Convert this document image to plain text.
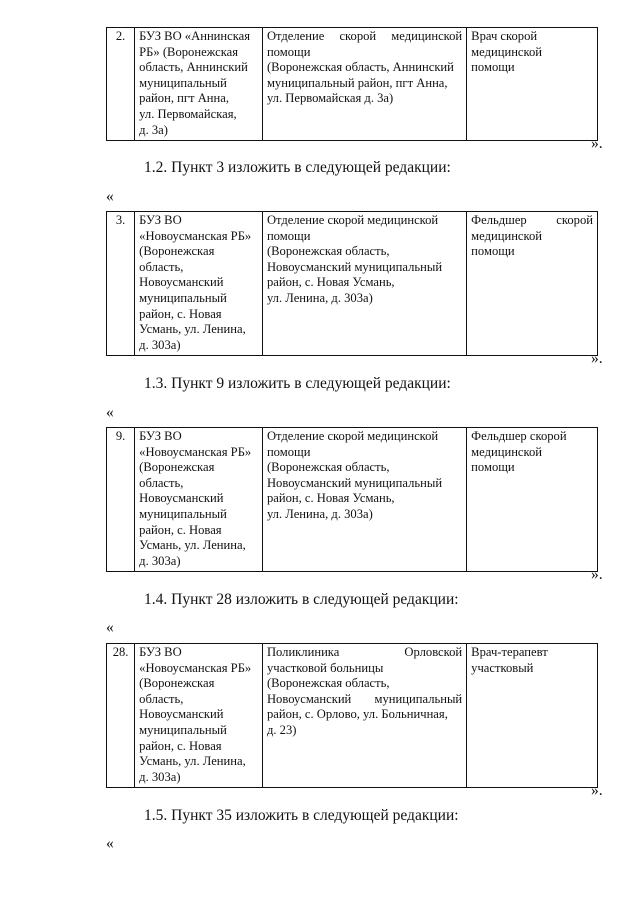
2.	БУЗ ВО «Аннинская
РБ» (Воронежская
область, Аннинский
муниципальный
район, пгт Анна,
ул. Первомайская,
д. 3а)

Отделение скорой медицинской
помощи
(Воронежская область, Аннинский
муниципальный район, пгт Анна,
ул. Первомайская д. 3а)

Врач скорой
медицинской
помощи
».
1.2. Пункт 3 изложить в следующей редакции:
«
3.	БУЗ ВО
«Новоусманская РБ»
(Воронежская
область,
Новоусманский
муниципальный
район, с. Новая
Усмань, ул. Ленина,
д. 303а)

Отделение скорой медицинской
помощи
(Воронежская область,
Новоусманский муниципальный
район, с. Новая Усмань,
ул. Ленина, д. 303а)

Фельдшер скорой
медицинской
помощи
».
1.3. Пункт 9 изложить в следующей редакции:
«
9.	БУЗ ВО
«Новоусманская РБ»
(Воронежская
область,
Новоусманский
муниципальный
район, с. Новая
Усмань, ул. Ленина,
д. 303а)

Отделение скорой медицинской
помощи
(Воронежская область,
Новоусманский муниципальный
район, с. Новая Усмань,
ул. Ленина, д. 303а)

Фельдшер скорой
медицинской
помощи
».
1.4. Пункт 28 изложить в следующей редакции:
«
28.	БУЗ ВО
«Новоусманская РБ»
(Воронежская
область,
Новоусманский
муниципальный
район, с. Новая
Усмань, ул. Ленина,
д. 303а)

Поликлиника Орловской
участковой больницы
(Воронежская область,
Новоусманский муниципальный
район, с. Орлово, ул. Больничная,
д. 23)

Врач-терапевт
участковый
».
1.5. Пункт 35 изложить в следующей редакции:
«
